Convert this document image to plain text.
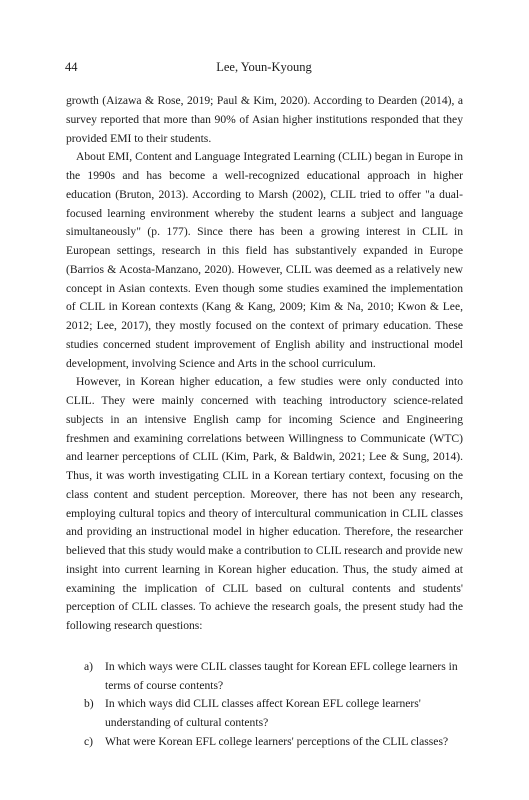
44	Lee, Youn-Kyoung

growth (Aizawa & Rose, 2019; Paul & Kim, 2020). According to Dearden (2014), a survey reported that more than 90% of Asian higher institutions responded that they provided EMI to their students.

About EMI, Content and Language Integrated Learning (CLIL) began in Europe in the 1990s and has become a well-recognized educational approach in higher education (Bruton, 2013). According to Marsh (2002), CLIL tried to offer "a dual-focused learning environment whereby the student learns a subject and language simultaneously" (p. 177). Since there has been a growing interest in CLIL in European settings, research in this field has substantively expanded in Europe (Barrios & Acosta-Manzano, 2020). However, CLIL was deemed as a relatively new concept in Asian contexts. Even though some studies examined the implementation of CLIL in Korean contexts (Kang & Kang, 2009; Kim & Na, 2010; Kwon & Lee, 2012; Lee, 2017), they mostly focused on the context of primary education. These studies concerned student improvement of English ability and instructional model development, involving Science and Arts in the school curriculum.

However, in Korean higher education, a few studies were only conducted into CLIL. They were mainly concerned with teaching introductory science-related subjects in an intensive English camp for incoming Science and Engineering freshmen and examining correlations between Willingness to Communicate (WTC) and learner perceptions of CLIL (Kim, Park, & Baldwin, 2021; Lee & Sung, 2014). Thus, it was worth investigating CLIL in a Korean tertiary context, focusing on the class content and student perception. Moreover, there has not been any research, employing cultural topics and theory of intercultural communication in CLIL classes and providing an instructional model in higher education. Therefore, the researcher believed that this study would make a contribution to CLIL research and provide new insight into current learning in Korean higher education. Thus, the study aimed at examining the implication of CLIL based on cultural contents and students' perception of CLIL classes. To achieve the research goals, the present study had the following research questions:

a)	In which ways were CLIL classes taught for Korean EFL college learners in terms of course contents?
b) In which ways did CLIL classes affect Korean EFL college learners' understanding of cultural contents?
c)	What were Korean EFL college learners' perceptions of the CLIL classes?
